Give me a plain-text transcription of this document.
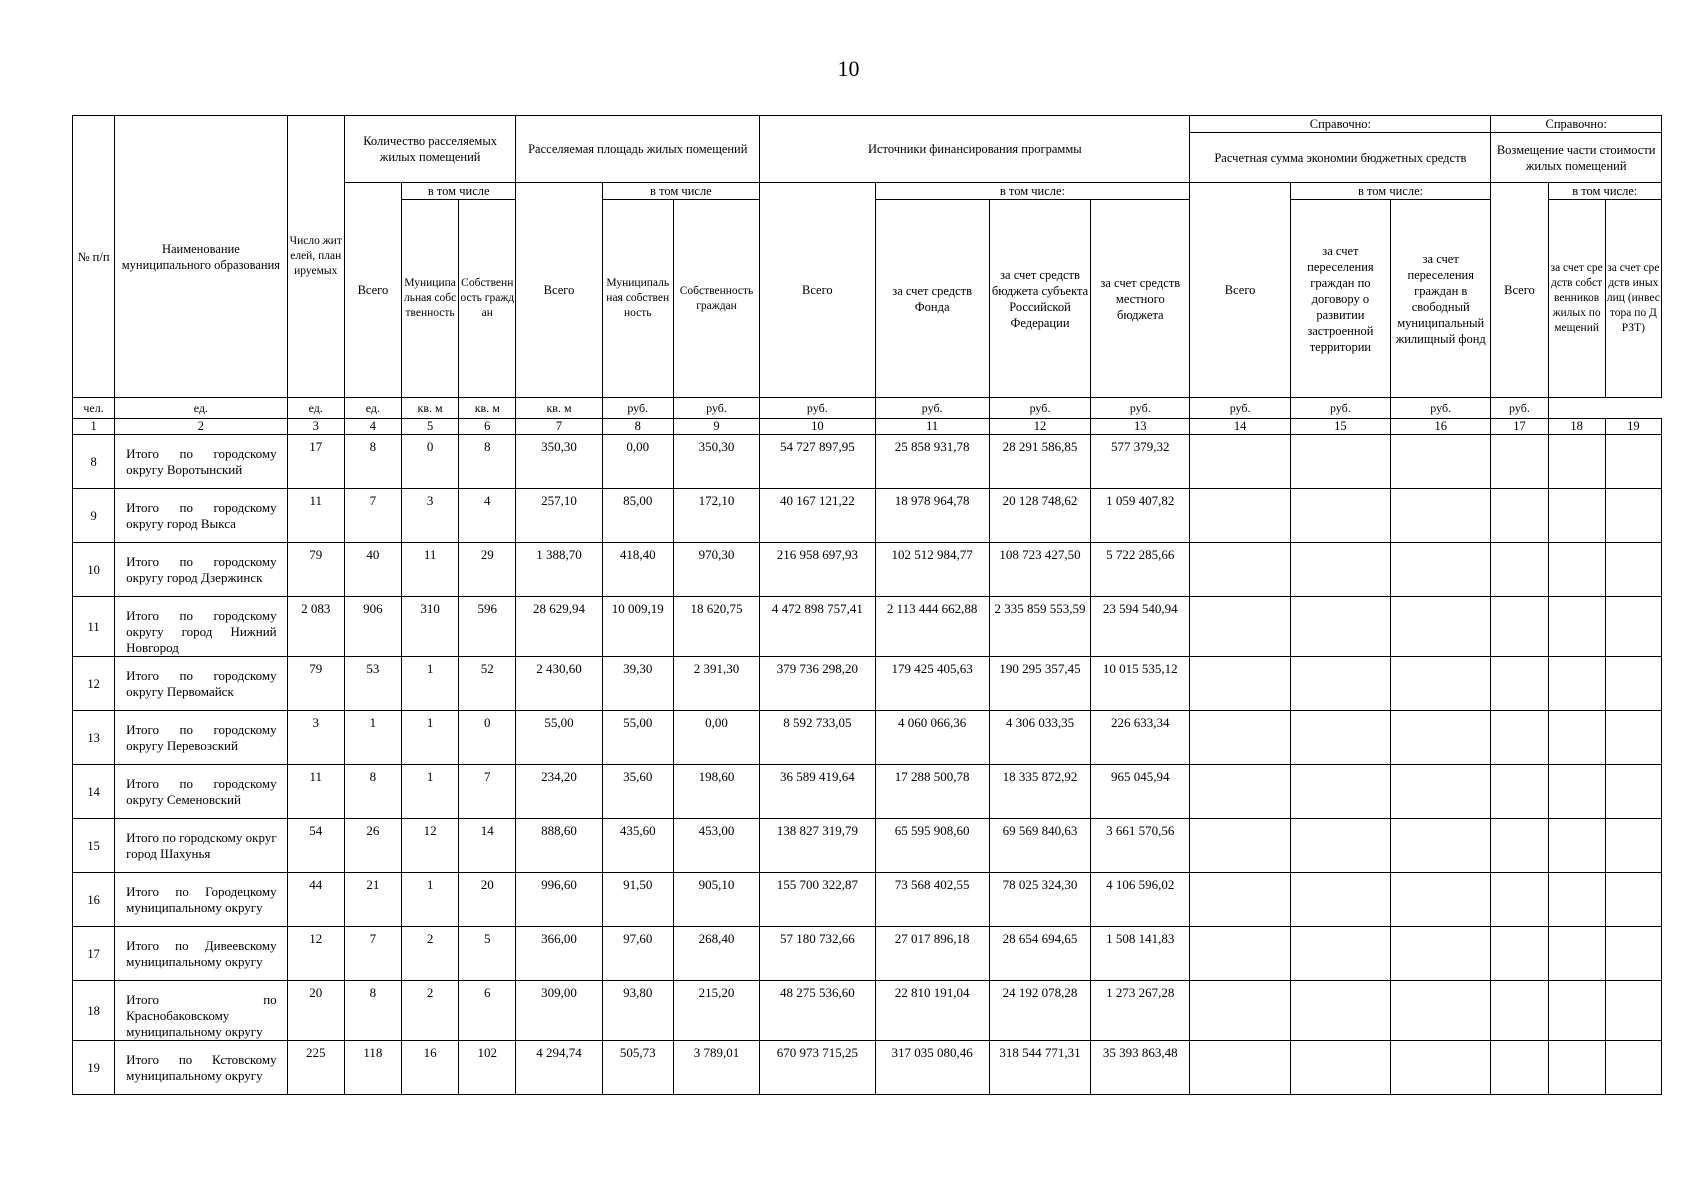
10
№ п/п	Наименование муниципального образования	Число жителей, планируемых	Количество расселяемых жилых помещений			Расселяемая площадь жилых помещений			Источники финансирования программы				Справочно:			Справочно:		
													Расчетная сумма экономии бюджетных средств			Возмещение части стоимости жилых помещений		
			Всего	в том числе		Всего	в том числе		Всего	в том числе:			Всего	в том числе:		Всего	в том числе:	
				Муниципальная собственность	Собственность граждан		Муниципальная собственность	Собственность граждан		за счет средств Фонда	за счет средств бюджета субъекта Российской Федерации	за счет средств местного бюджета		за счет переселения граждан по договору о развитии застроенной территории	за счет переселения граждан в свободный муниципальный жилищный фонд		за счет средств собственников жилых помещений	за счет средств иных лиц (инвестора по ДРЗТ)
чел.	ед.	ед.	ед.	кв. м	кв. м	кв. м	руб.	руб.	руб.	руб.	руб.	руб.	руб.	руб.	руб.	руб.		
1	2	3	4	5	6	7	8	9	10	11	12	13	14	15	16	17	18	19
8	Итого по городскому округу Воротынский	17	8	0	8	350,30	0,00	350,30	54 727 897,95	25 858 931,78	28 291 586,85	577 379,32						

9	Итого по городскому округу город Выкса	11	7	3	4	257,10	85,00	172,10	40 167 121,22	18 978 964,78	20 128 748,62	1 059 407,82						

10	Итого по городскому округу город Дзержинск	79	40	11	29	1 388,70	418,40	970,30	216 958 697,93	102 512 984,77	108 723 427,50	5 722 285,66						

11	Итого по городскому округу город Нижний Новгород	2 083	906	310	596	28 629,94	10 009,19	18 620,75	4 472 898 757,41	2 113 444 662,88	2 335 859 553,59	23 594 540,94						

12	Итого по городскому округу Первомайск	79	53	1	52	2 430,60	39,30	2 391,30	379 736 298,20	179 425 405,63	190 295 357,45	10 015 535,12						

13	Итого по городскому округу Перевозский	3	1	1	0	55,00	55,00	0,00	8 592 733,05	4 060 066,36	4 306 033,35	226 633,34						

14	Итого по городскому округу Семеновский	11	8	1	7	234,20	35,60	198,60	36 589 419,64	17 288 500,78	18 335 872,92	965 045,94						

15	Итого по городскому округ город Шахунья	54	26	12	14	888,60	435,60	453,00	138 827 319,79	65 595 908,60	69 569 840,63	3 661 570,56						

16	Итого по Городецкому муниципальному округу	44	21	1	20	996,60	91,50	905,10	155 700 322,87	73 568 402,55	78 025 324,30	4 106 596,02						

17	Итого по Дивеевскому муниципальному округу	12	7	2	5	366,00	97,60	268,40	57 180 732,66	27 017 896,18	28 654 694,65	1 508 141,83						

18	Итого по Краснобаковскому муниципальному округу	20	8	2	6	309,00	93,80	215,20	48 275 536,60	22 810 191,04	24 192 078,28	1 273 267,28						

19	Итого по Кстовскому муниципальному округу	225	118	16	102	4 294,74	505,73	3 789,01	670 973 715,25	317 035 080,46	318 544 771,31	35 393 863,48						
